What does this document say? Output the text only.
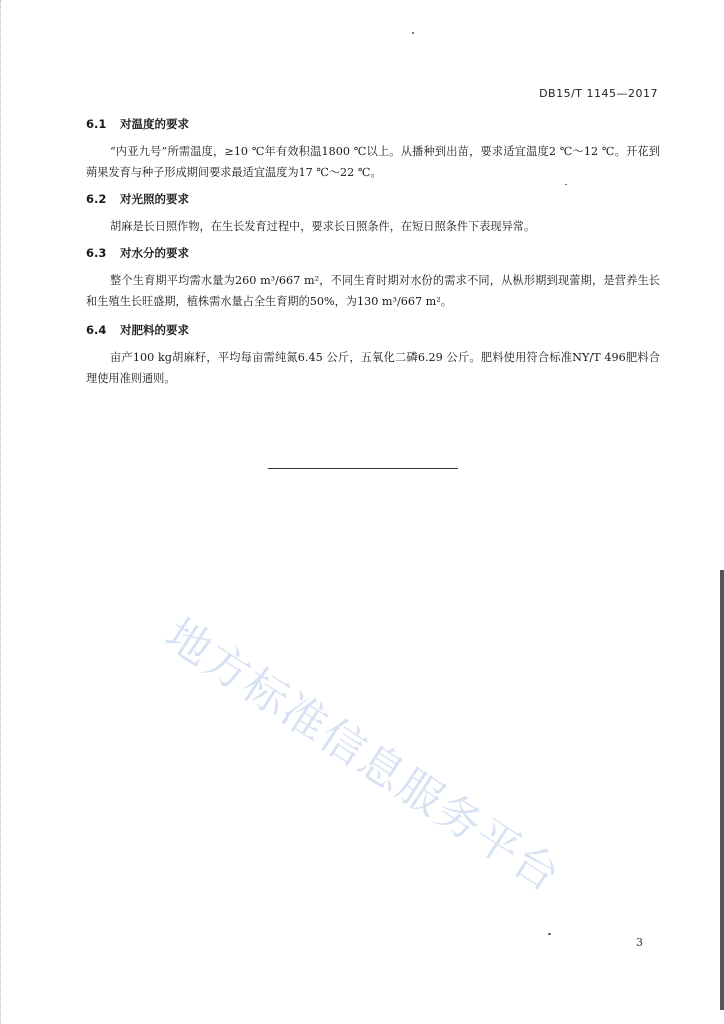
DB15/T 1145—2017
6.1 对温度的要求
“内亚九号”所需温度，≥10 ℃年有效积温1800 ℃以上。从播种到出苗，要求适宜温度2 ℃～12 ℃。开花到蒴果发育与种子形成期间要求最适宜温度为17 ℃～22 ℃。
6.2 对光照的要求
胡麻是长日照作物，在生长发育过程中，要求长日照条件，在短日照条件下表现异常。
6.3 对水分的要求
整个生育期平均需水量为260 m³/667 m²，不同生育时期对水份的需求不同，从枞形期到现蕾期，是营养生长和生殖生长旺盛期，植株需水量占全生育期的50%，为130 m³/667 m²。
6.4 对肥料的要求
亩产100 kg胡麻籽，平均每亩需纯氮6.45 公斤，五氧化二磷6.29 公斤。肥料使用符合标准NY/T 496肥料合理使用准则通则。
地方标准信息服务平台
3
